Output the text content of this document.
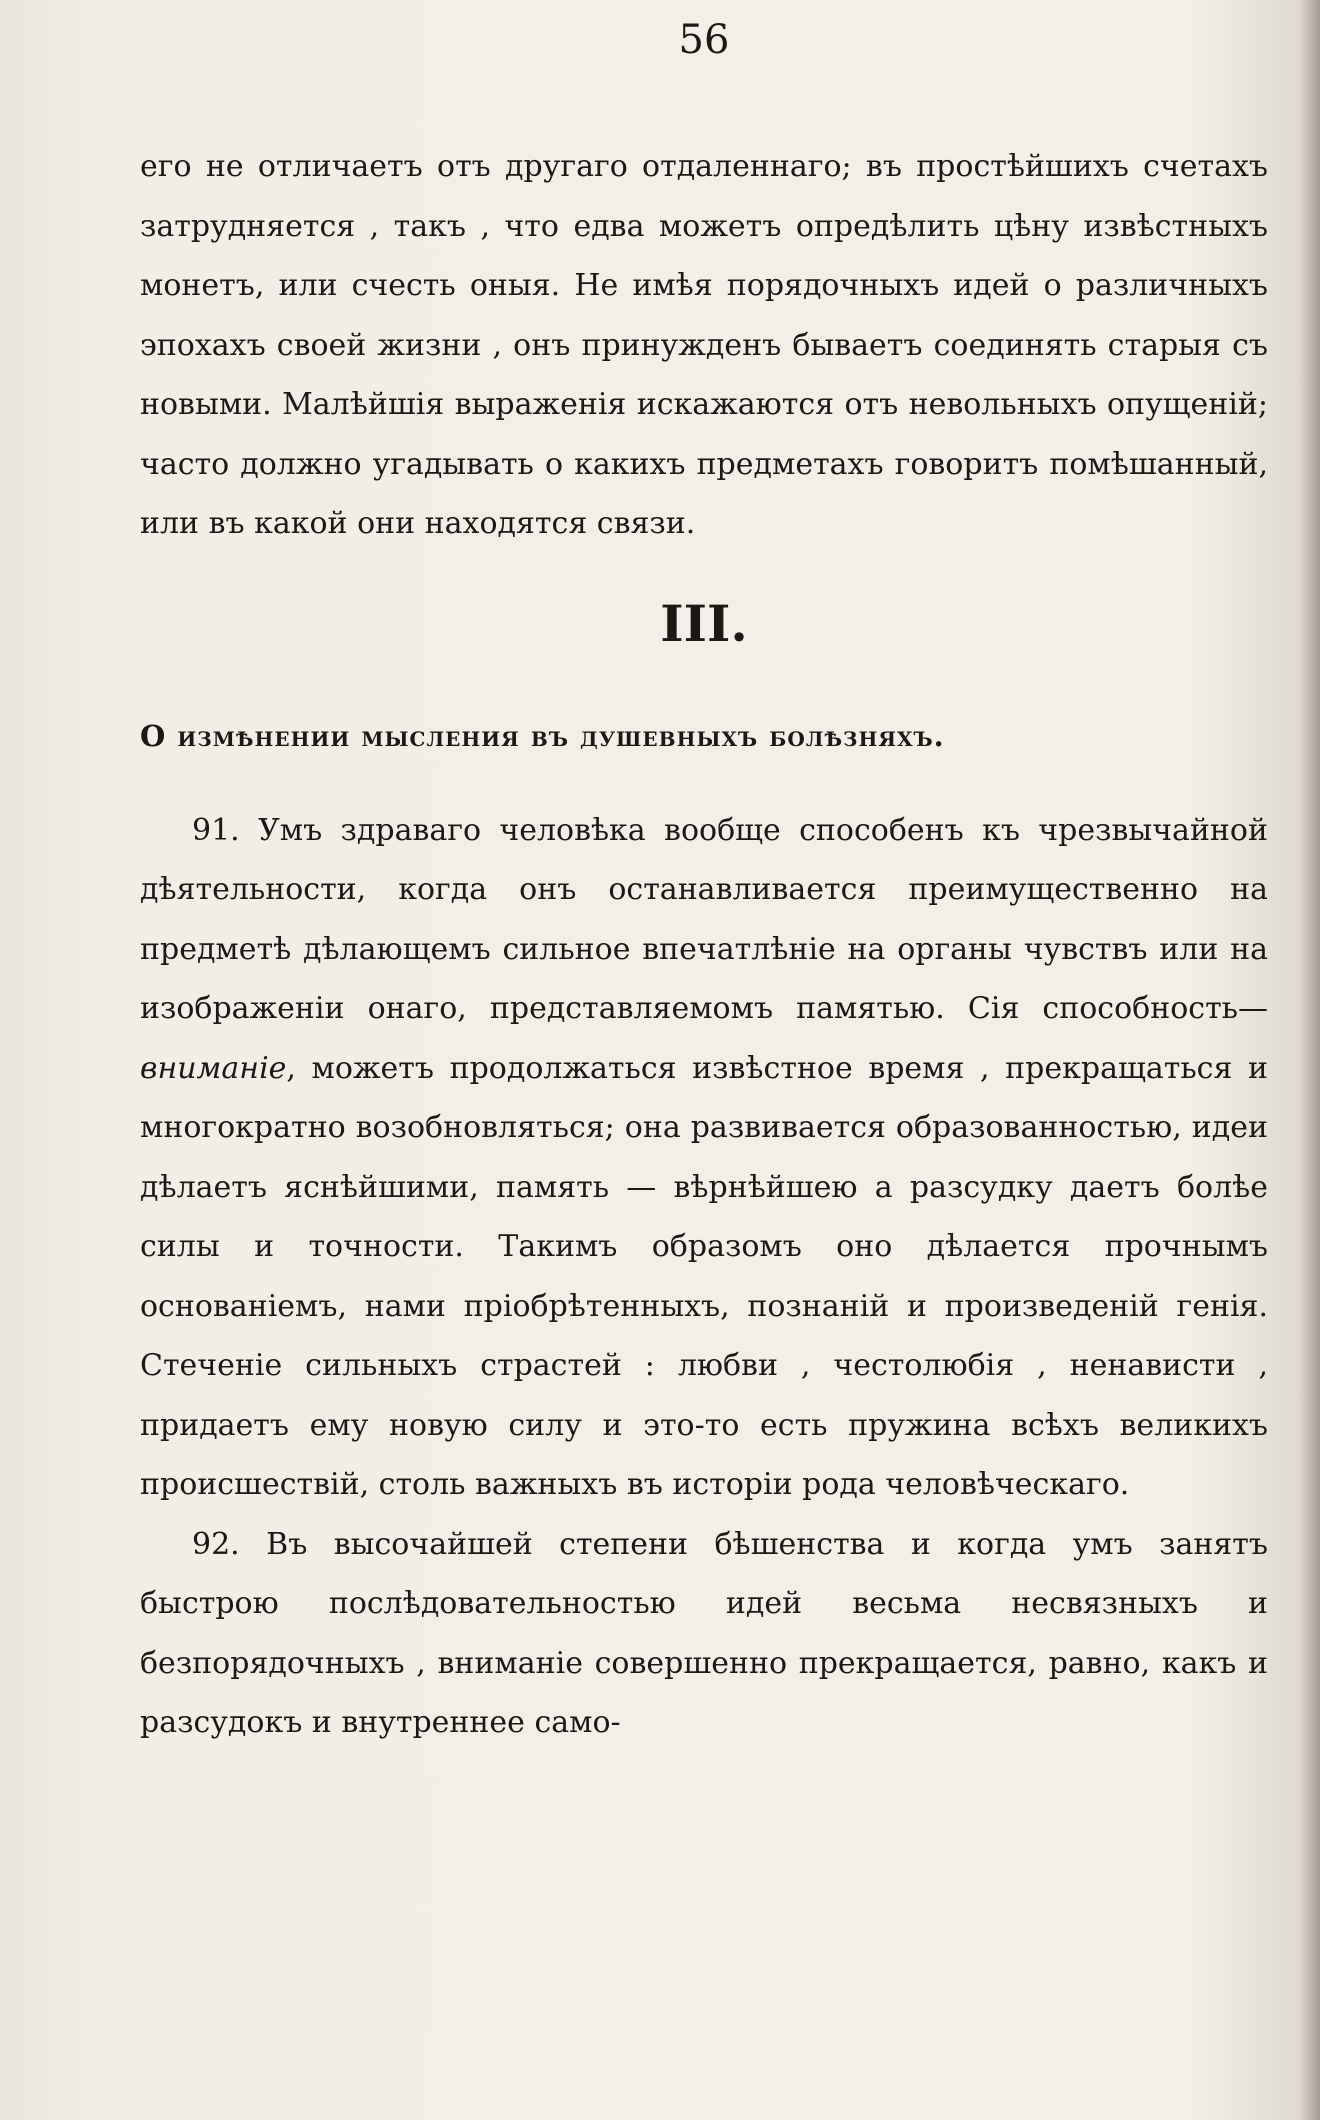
56

его не отличаетъ отъ другаго отдаленнаго; въ простѣйшихъ счетахъ затрудняется , такъ , что едва можетъ опредѣлить цѣну извѣстныхъ монетъ, или счесть оныя. Не имѣя порядочныхъ идей о различныхъ эпохахъ своей жизни , онъ принужденъ бываетъ соединять старыя съ новыми. Малѣйшія выраженія искажаются отъ невольныхъ опущеній; часто должно угадывать о какихъ предметахъ говоритъ помѣшанный, или въ какой они находятся связи.

III.
О измѣнении мысления въ душевныхъ болѣзняхъ.

91. Умъ здраваго человѣка вообще способенъ къ чрезвычайной дѣятельности, когда онъ останавливается преимущественно на предметѣ дѣлающемъ сильное впечатлѣніе на органы чувствъ или на изображеніи онаго, представляемомъ памятью. Сія способность—вниманіе, можетъ продолжаться извѣстное время , прекращаться и многократно возобновляться; она развивается образованностью, идеи дѣлаетъ яснѣйшими, память — вѣрнѣйшею а разсудку даетъ болѣе силы и точности. Такимъ образомъ оно дѣлается прочнымъ основаніемъ, нами пріобрѣтенныхъ, познаній и произведеній генія. Стеченіе сильныхъ страстей : любви , честолюбія , ненависти , придаетъ ему новую силу и это-то есть пружина всѣхъ великихъ происшествій, столь важныхъ въ исторіи рода человѣческаго.

92. Въ высочайшей степени бѣшенства и когда умъ занятъ быстрою послѣдовательностью идей весьма несвязныхъ и безпорядочныхъ , вниманіе совершенно прекращается, равно, какъ и разсудокъ и внутреннее само-
